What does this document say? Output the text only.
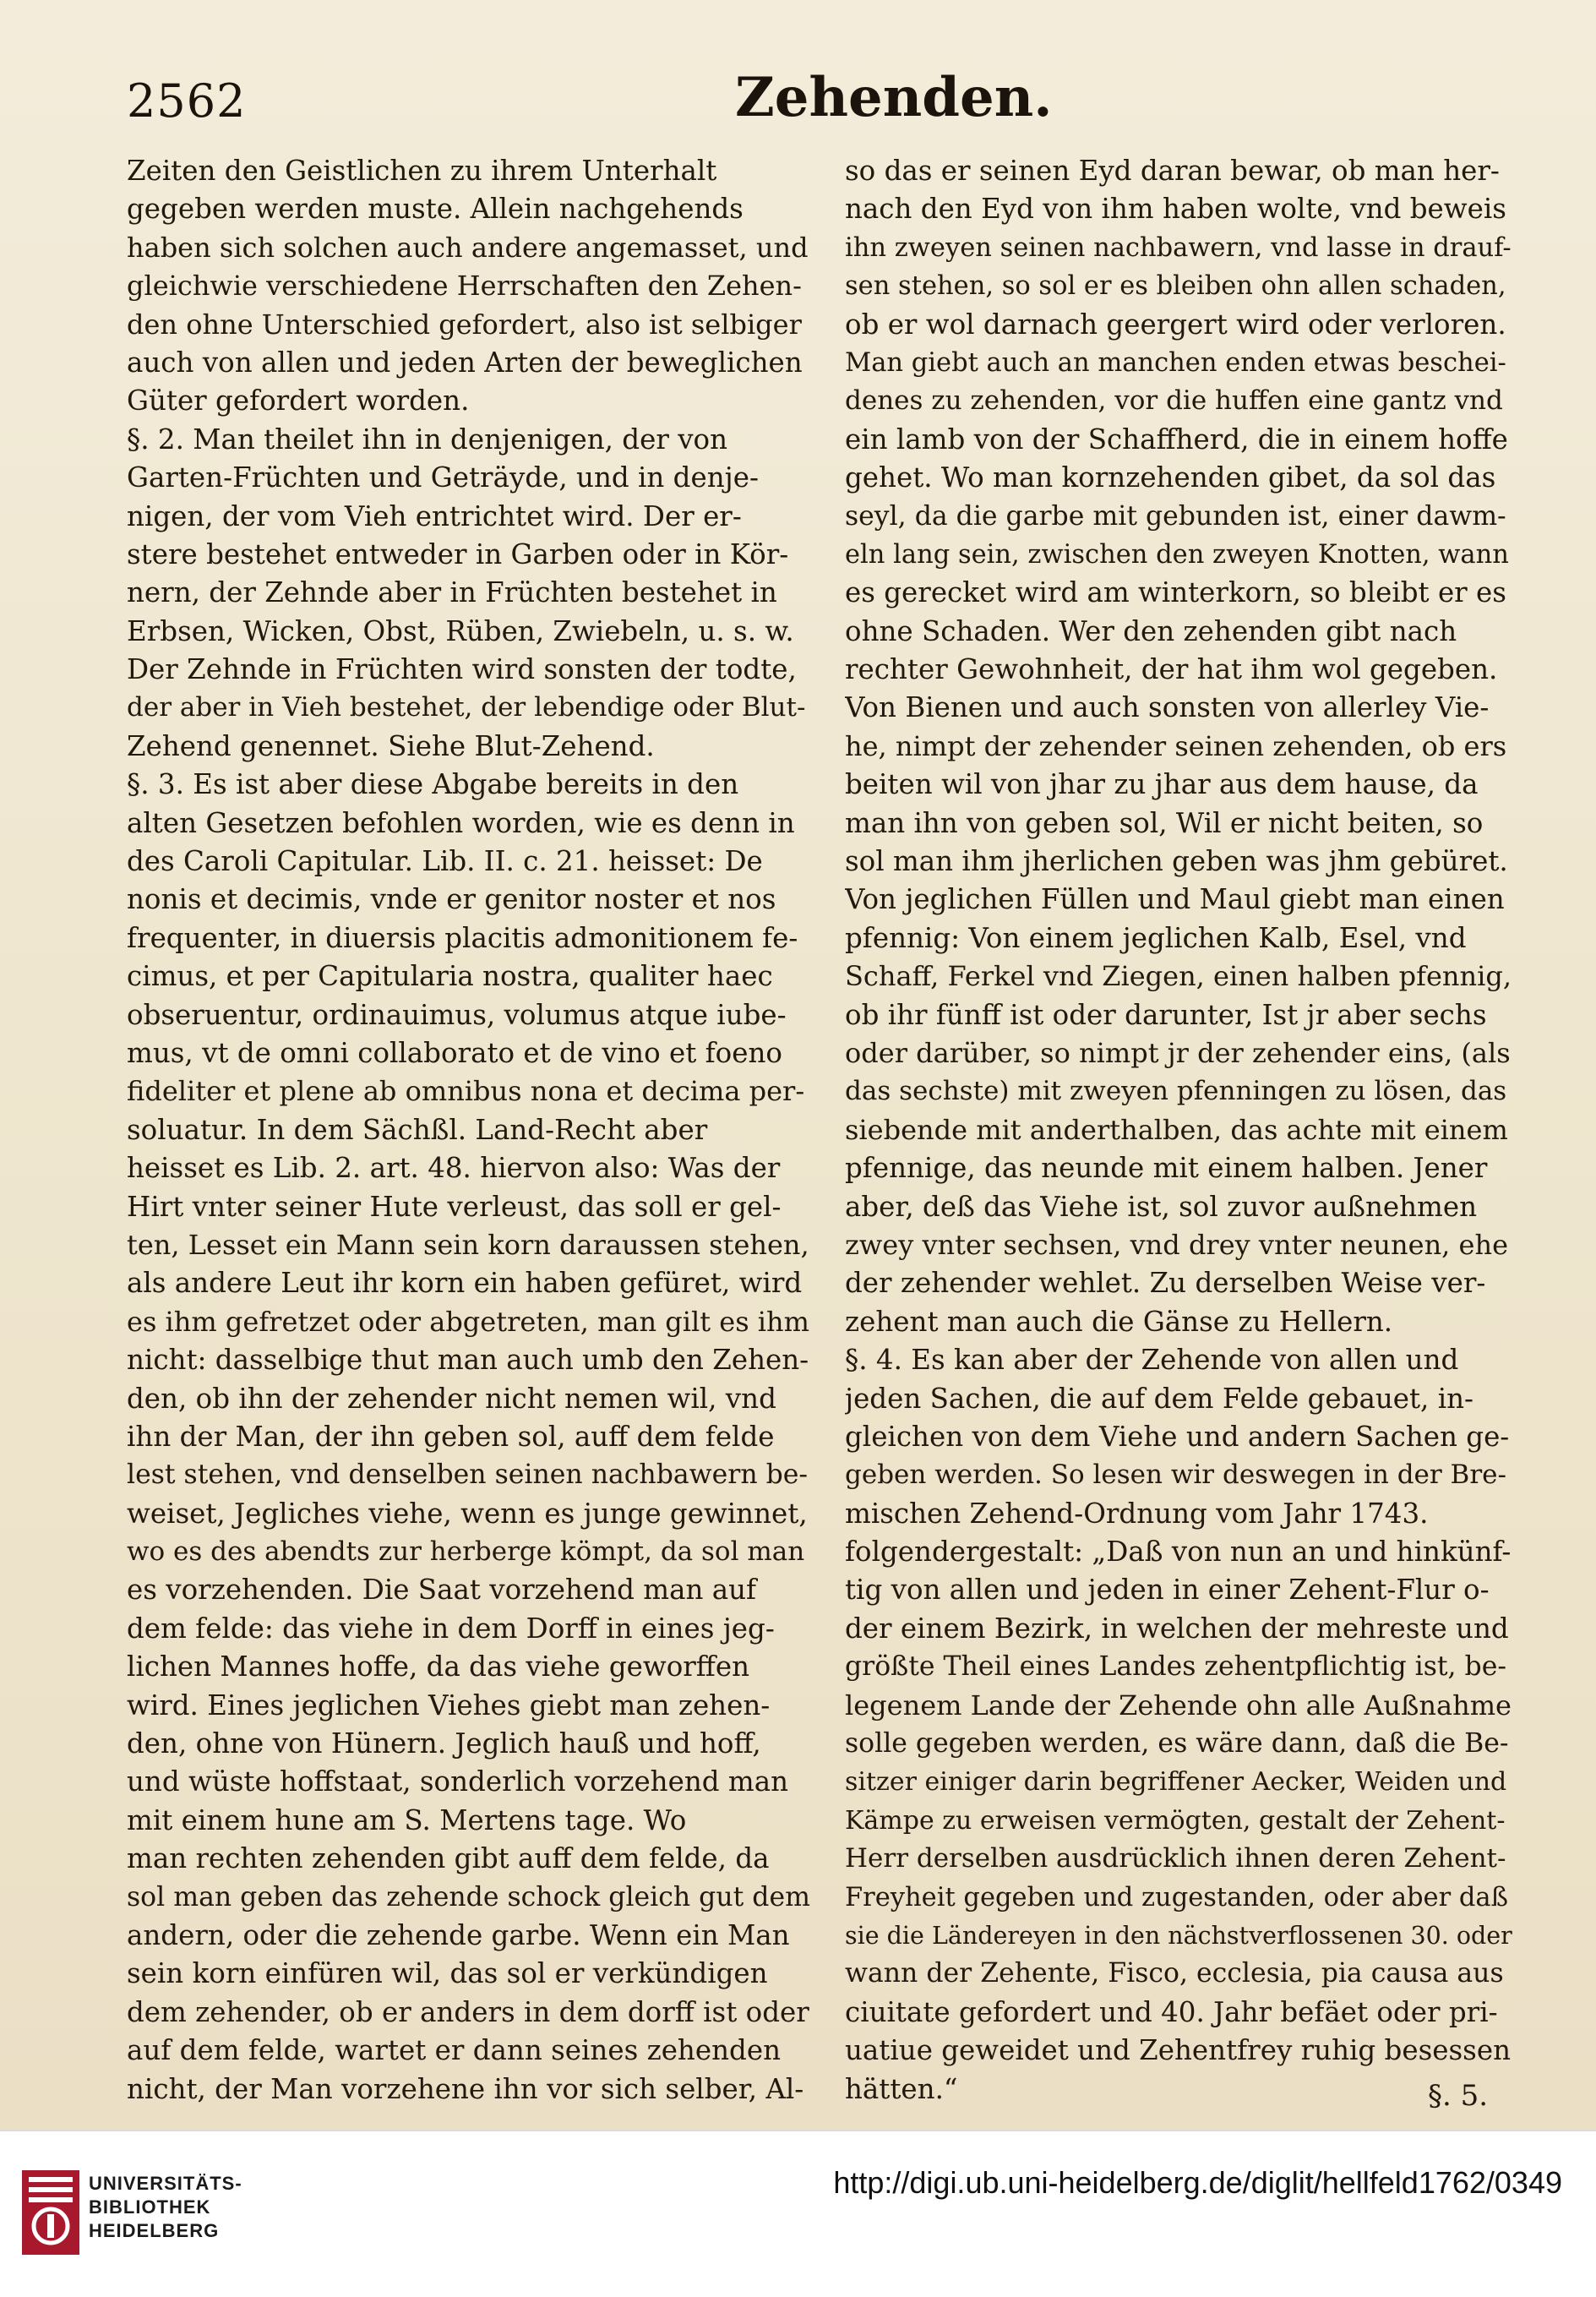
2562	Zehenden.
Zeiten den Geistlichen zu ihrem Unterhalt
gegeben werden muste. Allein nachgehends
haben sich solchen auch andere angemasset, und
gleichwie verschiedene Herrschaften den Zehen-
den ohne Unterschied gefordert, also ist selbiger
auch von allen und jeden Arten der beweglichen
Güter gefordert worden.
§. 2. Man theilet ihn in denjenigen, der von
Garten-Früchten und Geträyde, und in denje-
nigen, der vom Vieh entrichtet wird. Der er-
stere bestehet entweder in Garben oder in Kör-
nern, der Zehnde aber in Früchten bestehet in
Erbsen, Wicken, Obst, Rüben, Zwiebeln, u. s. w.
Der Zehnde in Früchten wird sonsten der todte,
der aber in Vieh bestehet, der lebendige oder Blut-
Zehend genennet. Siehe Blut-Zehend.
§. 3. Es ist aber diese Abgabe bereits in den
alten Gesetzen befohlen worden, wie es denn in
des Caroli Capitular. Lib. II. c. 21. heisset: De
nonis et decimis, vnde er genitor noster et nos
frequenter, in diuersis placitis admonitionem fe-
cimus, et per Capitularia nostra, qualiter haec
obseruentur, ordinauimus, volumus atque iube-
mus, vt de omni collaborato et de vino et foeno
fideliter et plene ab omnibus nona et decima per-
soluatur. In dem Sächßl. Land-Recht aber
heisset es Lib. 2. art. 48. hiervon also: Was der
Hirt vnter seiner Hute verleust, das soll er gel-
ten, Lesset ein Mann sein korn daraussen stehen,
als andere Leut ihr korn ein haben gefüret, wird
es ihm gefretzet oder abgetreten, man gilt es ihm
nicht: dasselbige thut man auch umb den Zehen-
den, ob ihn der zehender nicht nemen wil, vnd
ihn der Man, der ihn geben sol, auff dem felde
lest stehen, vnd denselben seinen nachbawern be-
weiset, Jegliches viehe, wenn es junge gewinnet,
wo es des abendts zur herberge kömpt, da sol man
es vorzehenden. Die Saat vorzehend man auf
dem felde: das viehe in dem Dorff in eines jeg-
lichen Mannes hoffe, da das viehe geworffen
wird. Eines jeglichen Viehes giebt man zehen-
den, ohne von Hünern. Jeglich hauß und hoff,
und wüste hoffstaat, sonderlich vorzehend man
mit einem hune am S. Mertens tage. Wo
man rechten zehenden gibt auff dem felde, da
sol man geben das zehende schock gleich gut dem
andern, oder die zehende garbe. Wenn ein Man
sein korn einfüren wil, das sol er verkündigen
dem zehender, ob er anders in dem dorff ist oder
auf dem felde, wartet er dann seines zehenden
nicht, der Man vorzehene ihn vor sich selber, Al-
so das er seinen Eyd daran bewar, ob man her-
nach den Eyd von ihm haben wolte, vnd beweis
ihn zweyen seinen nachbawern, vnd lasse in drauf-
sen stehen, so sol er es bleiben ohn allen schaden,
ob er wol darnach geergert wird oder verloren.
Man giebt auch an manchen enden etwas beschei-
denes zu zehenden, vor die huffen eine gantz vnd
ein lamb von der Schaffherd, die in einem hoffe
gehet. Wo man kornzehenden gibet, da sol das
seyl, da die garbe mit gebunden ist, einer dawm-
eln lang sein, zwischen den zweyen Knotten, wann
es gerecket wird am winterkorn, so bleibt er es
ohne Schaden. Wer den zehenden gibt nach
rechter Gewohnheit, der hat ihm wol gegeben.
Von Bienen und auch sonsten von allerley Vie-
he, nimpt der zehender seinen zehenden, ob ers
beiten wil von jhar zu jhar aus dem hause, da
man ihn von geben sol, Wil er nicht beiten, so
sol man ihm jherlichen geben was jhm gebüret.
Von jeglichen Füllen und Maul giebt man einen
pfennig: Von einem jeglichen Kalb, Esel, vnd
Schaff, Ferkel vnd Ziegen, einen halben pfennig,
ob ihr fünff ist oder darunter, Ist jr aber sechs
oder darüber, so nimpt jr der zehender eins, (als
das sechste) mit zweyen pfenningen zu lösen, das
siebende mit anderthalben, das achte mit einem
pfennige, das neunde mit einem halben. Jener
aber, deß das Viehe ist, sol zuvor außnehmen
zwey vnter sechsen, vnd drey vnter neunen, ehe
der zehender wehlet. Zu derselben Weise ver-
zehent man auch die Gänse zu Hellern.
§. 4. Es kan aber der Zehende von allen und
jeden Sachen, die auf dem Felde gebauet, in-
gleichen von dem Viehe und andern Sachen ge-
geben werden. So lesen wir deswegen in der Bre-
mischen Zehend-Ordnung vom Jahr 1743.
folgendergestalt: „Daß von nun an und hinkünf-
tig von allen und jeden in einer Zehent-Flur o-
der einem Bezirk, in welchen der mehreste und
größte Theil eines Landes zehentpflichtig ist, be-
legenem Lande der Zehende ohn alle Außnahme
solle gegeben werden, es wäre dann, daß die Be-
sitzer einiger darin begriffener Aecker, Weiden und
Kämpe zu erweisen vermögten, gestalt der Zehent-
Herr derselben ausdrücklich ihnen deren Zehent-
Freyheit gegeben und zugestanden, oder aber daß
sie die Ländereyen in den nächstverflossenen 30. oder
wann der Zehente, Fisco, ecclesia, pia causa aus
ciuitate gefordert und 40. Jahr befäet oder pri-
uatiue geweidet und Zehentfrey ruhig besessen
hätten.“	§. 5.
UNIVERSITÄTS-
BIBLIOTHEK
HEIDELBERG
http://digi.ub.uni-heidelberg.de/diglit/hellfeld1762/0349
